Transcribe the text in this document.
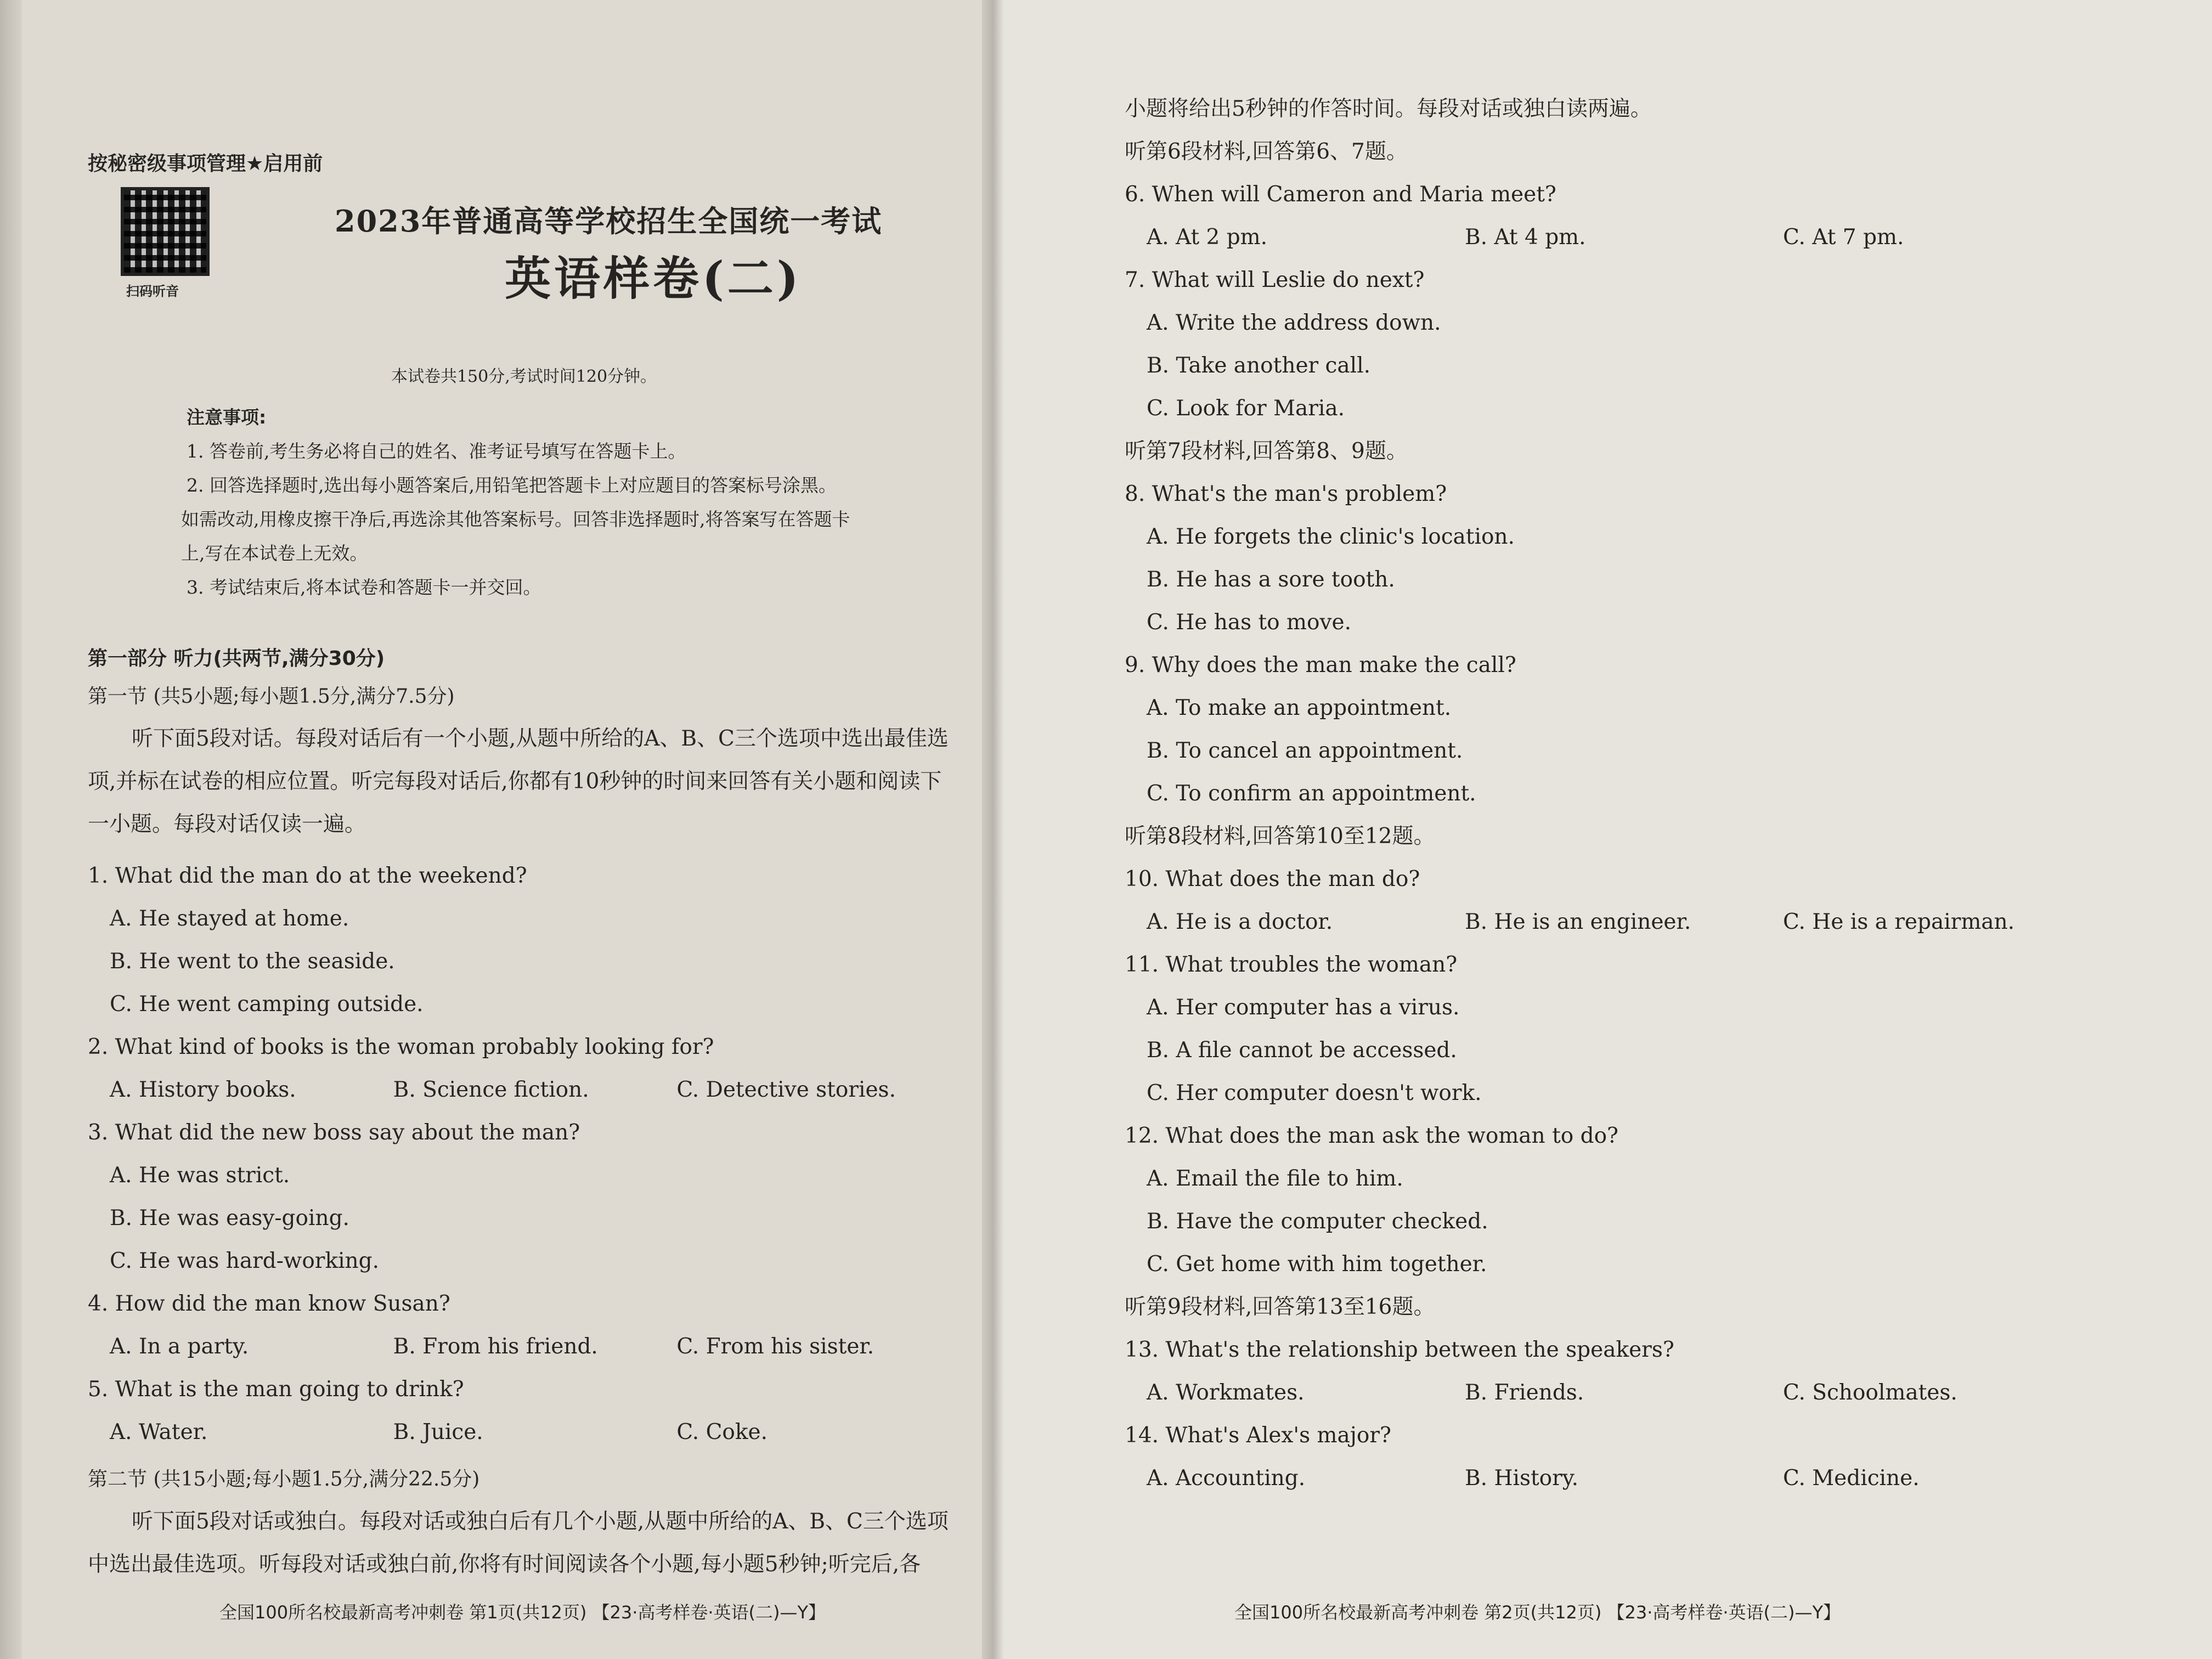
按秘密级事项管理★启用前
扫码听音
2023年普通高等学校招生全国统一考试
英语样卷(二)
本试卷共150分,考试时间120分钟。
注意事项:
1. 答卷前,考生务必将自己的姓名、准考证号填写在答题卡上。
2. 回答选择题时,选出每小题答案后,用铅笔把答题卡上对应题目的答案标号涂黑。
如需改动,用橡皮擦干净后,再选涂其他答案标号。回答非选择题时,将答案写在答题卡
上,写在本试卷上无效。
3. 考试结束后,将本试卷和答题卡一并交回。
第一部分 听力(共两节,满分30分)
第一节 (共5小题;每小题1.5分,满分7.5分)
听下面5段对话。每段对话后有一个小题,从题中所给的A、B、C三个选项中选出最佳选项,并标在试卷的相应位置。听完每段对话后,你都有10秒钟的时间来回答有关小题和阅读下一小题。每段对话仅读一遍。
1. What did the man do at the weekend?
A. He stayed at home.
B. He went to the seaside.
C. He went camping outside.
2. What kind of books is the woman probably looking for?
A. History books.	B. Science fiction.	C. Detective stories.
3. What did the new boss say about the man?
A. He was strict.
B. He was easy-going.
C. He was hard-working.
4. How did the man know Susan?
A. In a party.	B. From his friend.	C. From his sister.
5. What is the man going to drink?
A. Water.	B. Juice.	C. Coke.
第二节 (共15小题;每小题1.5分,满分22.5分)
听下面5段对话或独白。每段对话或独白后有几个小题,从题中所给的A、B、C三个选项中选出最佳选项。听每段对话或独白前,你将有时间阅读各个小题,每小题5秒钟;听完后,各
全国100所名校最新高考冲刺卷 第1页(共12页) 【23·高考样卷·英语(二)—Y】
小题将给出5秒钟的作答时间。每段对话或独白读两遍。
听第6段材料,回答第6、7题。
6. When will Cameron and Maria meet?
A. At 2 pm.	B. At 4 pm.	C. At 7 pm.
7. What will Leslie do next?
A. Write the address down.
B. Take another call.
C. Look for Maria.
听第7段材料,回答第8、9题。
8. What's the man's problem?
A. He forgets the clinic's location.
B. He has a sore tooth.
C. He has to move.
9. Why does the man make the call?
A. To make an appointment.
B. To cancel an appointment.
C. To confirm an appointment.
听第8段材料,回答第10至12题。
10. What does the man do?
A. He is a doctor.	B. He is an engineer.	C. He is a repairman.
11. What troubles the woman?
A. Her computer has a virus.
B. A file cannot be accessed.
C. Her computer doesn't work.
12. What does the man ask the woman to do?
A. Email the file to him.
B. Have the computer checked.
C. Get home with him together.
听第9段材料,回答第13至16题。
13. What's the relationship between the speakers?
A. Workmates.	B. Friends.	C. Schoolmates.
14. What's Alex's major?
A. Accounting.	B. History.	C. Medicine.
全国100所名校最新高考冲刺卷 第2页(共12页) 【23·高考样卷·英语(二)—Y】
